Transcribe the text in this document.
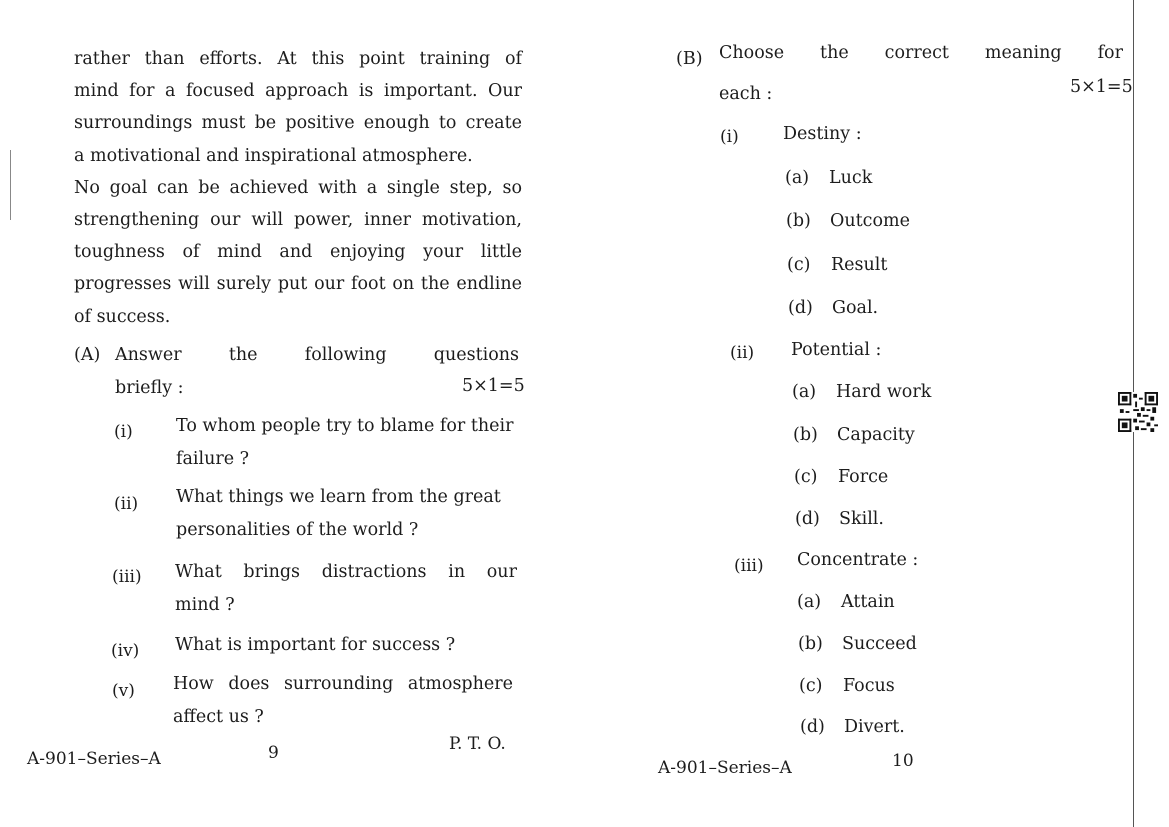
rather than efforts. At this point training of
mind for a focused approach is important. Our
surroundings must be positive enough to create
a motivational and inspirational atmosphere.
No goal can be achieved with a single step, so
strengthening our will power, inner motivation,
toughness of mind and enjoying your little
progresses will surely put our foot on the endline
of success.
(A) Answer	the	following	questions
briefly :	5×1=5
(i) To whom people try to blame for their
failure ?
(ii) What things we learn from the great
personalities of the world ?
(iii) What brings distractions in our
mind ?
(iv) What is important for success ?
(v) How does surrounding atmosphere
affect us ?
A-901–Series–A	9	P. T. O.
(B) Choose the correct meaning for
each :	5×1=5
(i)	Destiny :
(a) Luck
(b) Outcome
(c) Result
(d) Goal.
(ii) Potential :
(a) Hard work
(b) Capacity
(c) Force
(d) Skill.
(iii) Concentrate :
(a) Attain
(b) Succeed
(c) Focus
(d) Divert.
A-901–Series–A	10
